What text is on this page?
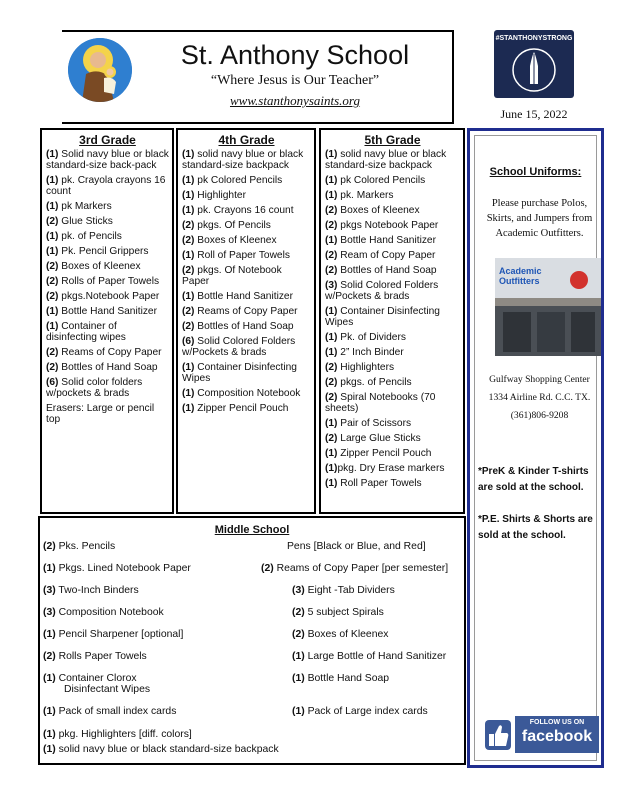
St. Anthony School
“Where Jesus is Our Teacher”
www.stanthonysaints.org
#STANTHONYSTRONG
June 15, 2022
3rd Grade
(1) Solid navy blue or black standard-size back-pack
(1) pk. Crayola crayons 16 count
(1) pk Markers
(2) Glue Sticks
(1) pk. of Pencils
(1) Pk. Pencil Grippers
(2) Boxes of Kleenex
(2) Rolls of Paper Towels
(2) pkgs.Notebook Paper
(1) Bottle Hand Sanitizer
(1) Container of disinfecting wipes
(2) Reams of Copy Paper
(2) Bottles of Hand Soap
(6) Solid color folders w/pockets & brads
Erasers: Large or pencil top
4th Grade
(1) solid navy blue or black standard-size backpack
(1) pk Colored Pencils
(1) Highlighter
(1) pk. Crayons 16 count
(2) pkgs. Of Pencils
(2) Boxes of Kleenex
(1) Roll of Paper Towels
(2) pkgs. Of Notebook Paper
(1) Bottle Hand Sanitizer
(2) Reams of Copy Paper
(2) Bottles of Hand Soap
(6) Solid Colored Folders w/Pockets & brads
(1) Container Disinfecting Wipes
(1) Composition Notebook
(1) Zipper Pencil Pouch
5th Grade
(1) solid navy blue or black standard-size backpack
(1) pk Colored Pencils
(1) pk. Markers
(2) Boxes of Kleenex
(2) pkgs Notebook Paper
(1) Bottle Hand Sanitizer
(2) Ream of Copy Paper
(2) Bottles of Hand Soap
(3) Solid Colored Folders w/Pockets & brads
(1) Container Disinfecting Wipes
(1) Pk. of Dividers
(1) 2” Inch Binder
(2) Highlighters
(2) pkgs. of Pencils
(2) Spiral Notebooks (70 sheets)
(1) Pair of Scissors
(2) Large Glue Sticks
(1) Zipper Pencil Pouch
(1)pkg. Dry Erase markers
(1) Roll Paper Towels
Middle School
(2) Pks. Pencils
(1) Pkgs. Lined Notebook Paper
(3) Two-Inch Binders
(3) Composition Notebook
(1) Pencil Sharpener [optional]
(2) Rolls Paper Towels
(1) Container Clorox
Disinfectant Wipes
(1) Pack of small index cards
(1) pkg. Highlighters [diff. colors]
(1) solid navy blue or black standard-size backpack
Pens [Black or Blue, and Red]
(2) Reams of Copy Paper [per semester]
(3) Eight -Tab Dividers
(2) 5 subject Spirals
(2) Boxes of Kleenex
(1) Large Bottle of Hand Sanitizer
(1) Bottle Hand Soap
(1) Pack of Large index cards
School Uniforms:
Please purchase Polos, Skirts, and Jumpers from Academic Outfitters.
Academic Outfitters
Gulfway Shopping Center
1334 Airline Rd. C.C. TX.
(361)806-9208
*PreK & Kinder T-shirts are sold at the school.
*P.E. Shirts & Shorts are sold at the school.
FOLLOW US ON
facebook
